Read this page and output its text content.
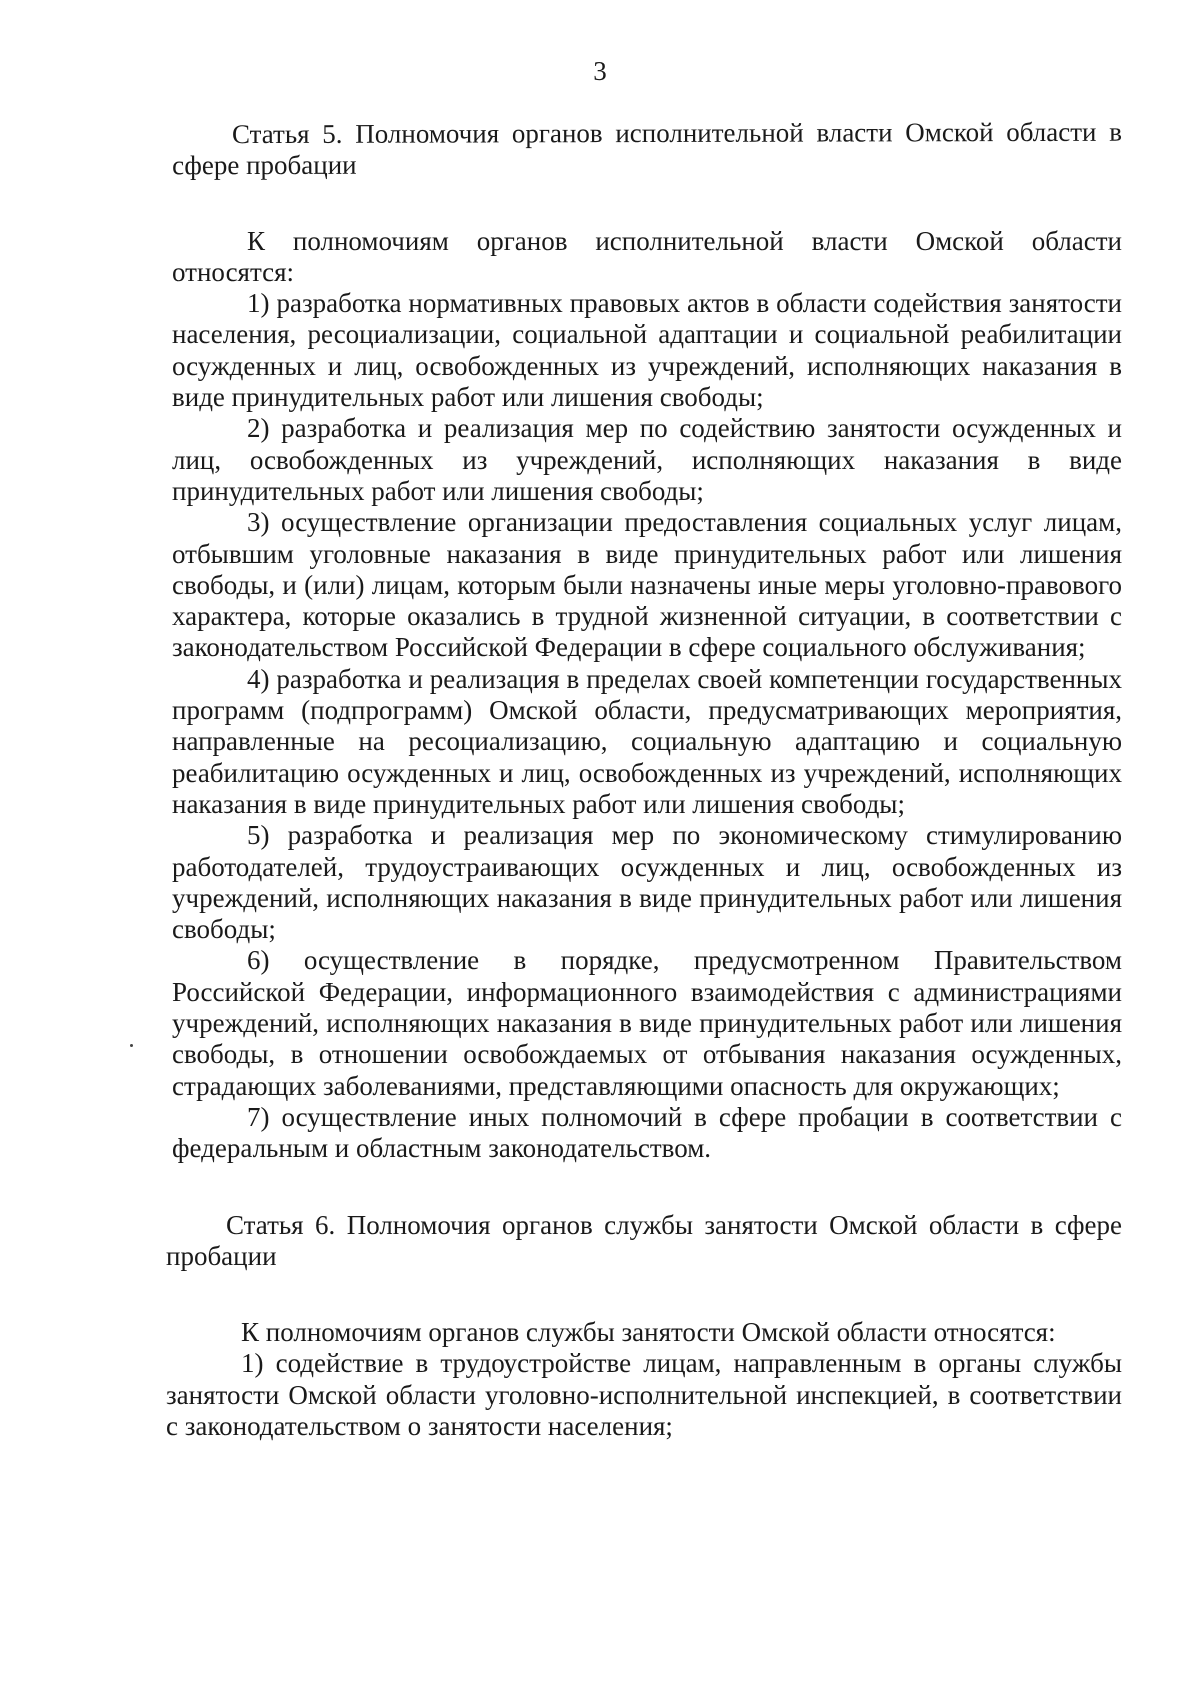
3

Статья 5. Полномочия органов исполнительной власти Омской области в сфере пробации

К полномочиям органов исполнительной власти Омской области относятся:

1) разработка нормативных правовых актов в области содействия занятости населения, ресоциализации, социальной адаптации и социальной реабилитации осужденных и лиц, освобожденных из учреждений, исполняющих наказания в виде принудительных работ или лишения свободы;

2) разработка и реализация мер по содействию занятости осужденных и лиц, освобожденных из учреждений, исполняющих наказания в виде принудительных работ или лишения свободы;

3) осуществление организации предоставления социальных услуг лицам, отбывшим уголовные наказания в виде принудительных работ или лишения свободы, и (или) лицам, которым были назначены иные меры уголовно-правового характера, которые оказались в трудной жизненной ситуации, в соответствии с законодательством Российской Федерации в сфере социального обслуживания;

4) разработка и реализация в пределах своей компетенции государственных программ (подпрограмм) Омской области, предусматривающих мероприятия, направленные на ресоциализацию, социальную адаптацию и социальную реабилитацию осужденных и лиц, освобожденных из учреждений, исполняющих наказания в виде принудительных работ или лишения свободы;

5) разработка и реализация мер по экономическому стимулированию работодателей, трудоустраивающих осужденных и лиц, освобожденных из учреждений, исполняющих наказания в виде принудительных работ или лишения свободы;

6) осуществление в порядке, предусмотренном Правительством Российской Федерации, информационного взаимодействия с администрациями учреждений, исполняющих наказания в виде принудительных работ или лишения свободы, в отношении освобождаемых от отбывания наказания осужденных, страдающих заболеваниями, представляющими опасность для окружающих;

7) осуществление иных полномочий в сфере пробации в соответствии с федеральным и областным законодательством.

Статья 6. Полномочия органов службы занятости Омской области в сфере пробации

К полномочиям органов службы занятости Омской области относятся:

1) содействие в трудоустройстве лицам, направленным в органы службы занятости Омской области уголовно-исполнительной инспекцией, в соответствии с законодательством о занятости населения;
